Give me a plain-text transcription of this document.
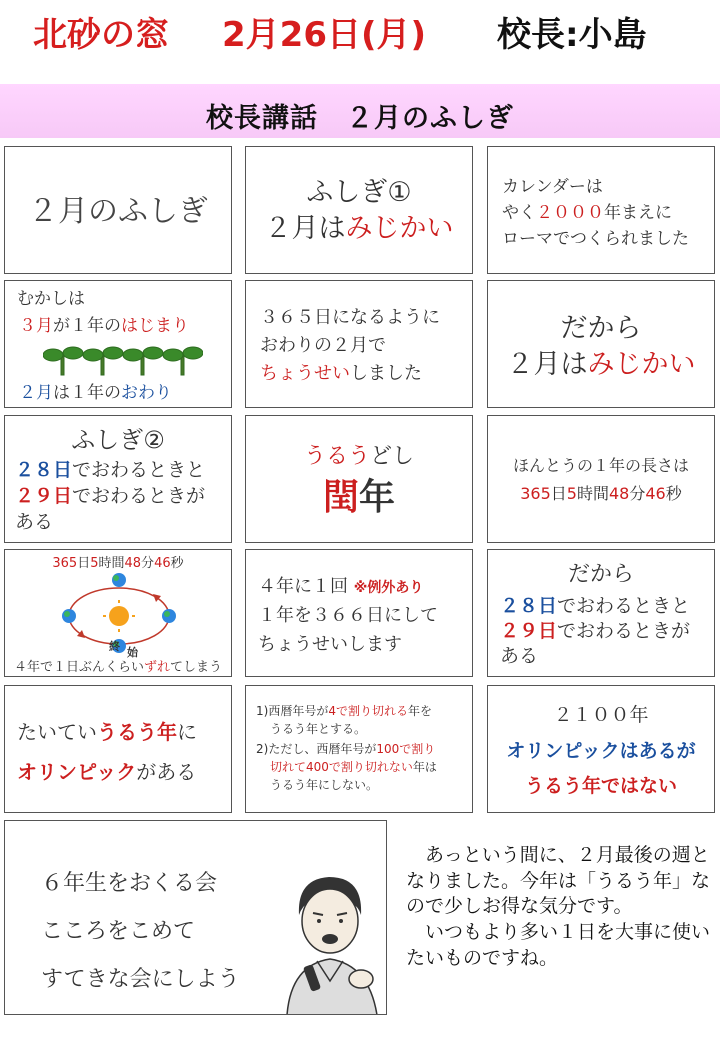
北砂の窓 2月26日(月) 校長:小島
校長講話　２月のふしぎ
２月のふしぎ
ふしぎ①
２月はみじかい
カレンダーは
やく２０００年まえに
ローマでつくられました
むかしは
３月が１年のはじまり
２月は１年のおわり
３６５日になるように
おわりの２月で
ちょうせいしました
だから
２月はみじかい
ふしぎ②
２８日でおわるときと
２９日でおわるときが
ある
うるうどし
閏年
ほんとうの１年の長さは
365日5時間48分46秒
365日5時間48分46秒
終 始
４年で１日ぶんくらいずれてしまう
４年に１回 ※例外あり
１年を３６６日にして
ちょうせいします
だから
２８日でおわるときと
２９日でおわるときが
ある
たいていうるう年に
オリンピックがある
1)西暦年号が4で割り切れる年を
うるう年とする。
2)ただし、西暦年号が100で割り
切れて400で割り切れない年は
うるう年にしない。
２１００年
オリンピックはあるが
うるう年ではない
６年生をおくる会
こころをこめて
すてきな会にしよう

　あっという間に、２月最後の週となりました。今年は「うるう年」なので少しお得な気分です。

　いつもより多い１日を大事に使いたいものですね。
